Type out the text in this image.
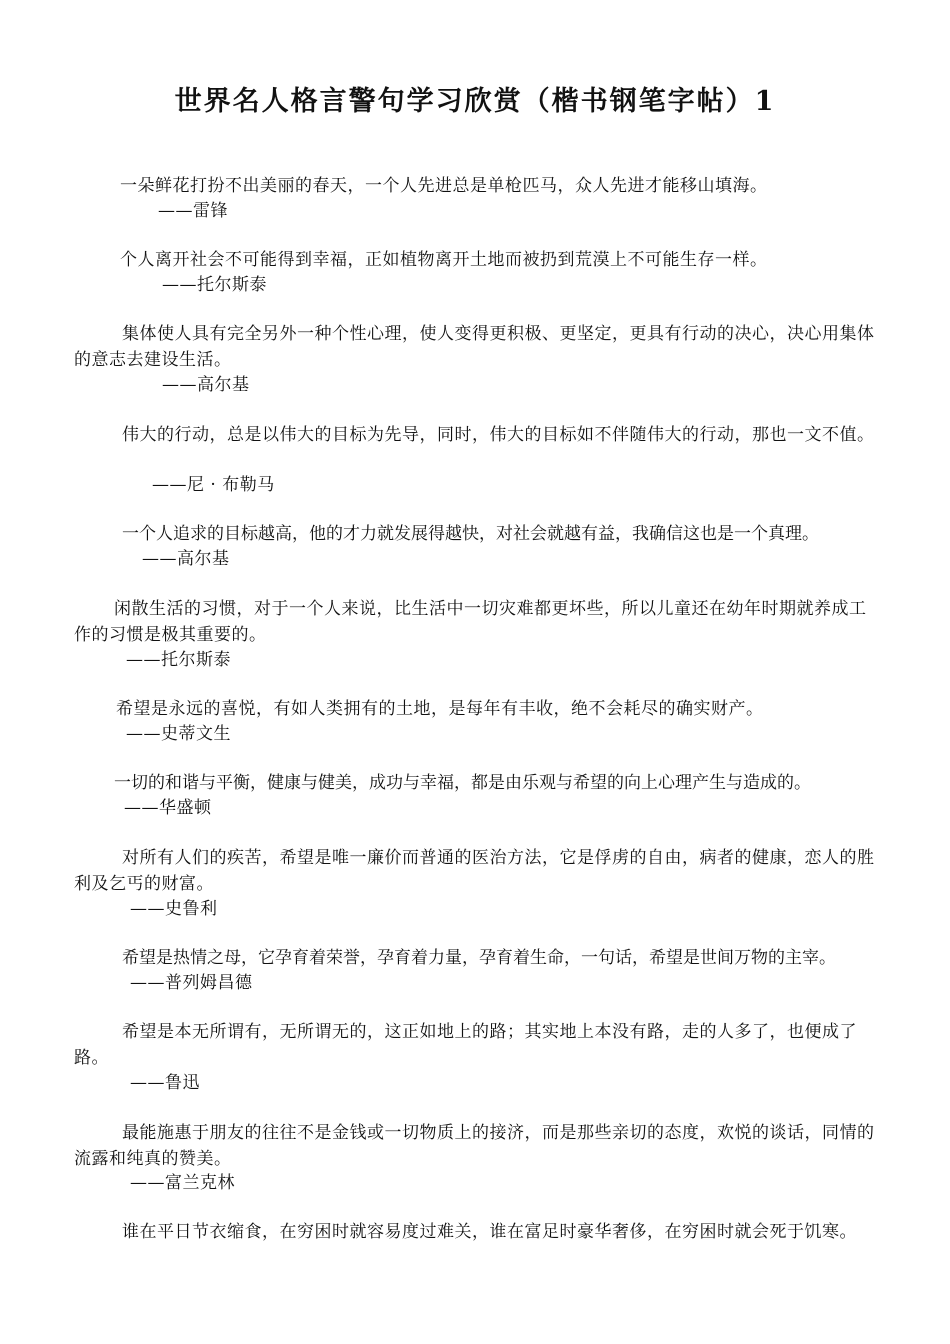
世界名人格言警句学习欣赏（楷书钢笔字帖）1

一朵鲜花打扮不出美丽的春天，一个人先进总是单枪匹马，众人先进才能移山填海。

——雷锋

个人离开社会不可能得到幸福，正如植物离开土地而被扔到荒漠上不可能生存一样。

——托尔斯泰

集体使人具有完全另外一种个性心理，使人变得更积极、更坚定，更具有行动的决心，决心用集体的意志去建设生活。

——高尔基

伟大的行动，总是以伟大的目标为先导，同时，伟大的目标如不伴随伟大的行动，那也一文不值。

——尼 · 布勒马

一个人追求的目标越高，他的才力就发展得越快，对社会就越有益，我确信这也是一个真理。

——高尔基

闲散生活的习惯，对于一个人来说，比生活中一切灾难都更坏些，所以儿童还在幼年时期就养成工作的习惯是极其重要的。

——托尔斯泰

希望是永远的喜悦，有如人类拥有的土地，是每年有丰收，绝不会耗尽的确实财产。

——史蒂文生

一切的和谐与平衡，健康与健美，成功与幸福，都是由乐观与希望的向上心理产生与造成的。

——华盛顿

对所有人们的疾苦，希望是唯一廉价而普通的医治方法，它是俘虏的自由，病者的健康，恋人的胜利及乞丐的财富。

——史鲁利

希望是热情之母，它孕育着荣誉，孕育着力量，孕育着生命，一句话，希望是世间万物的主宰。

——普列姆昌德

希望是本无所谓有，无所谓无的，这正如地上的路；其实地上本没有路，走的人多了，也便成了路。

——鲁迅

最能施惠于朋友的往往不是金钱或一切物质上的接济，而是那些亲切的态度，欢悦的谈话，同情的流露和纯真的赞美。

——富兰克林

谁在平日节衣缩食，在穷困时就容易度过难关，谁在富足时豪华奢侈，在穷困时就会死于饥寒。
